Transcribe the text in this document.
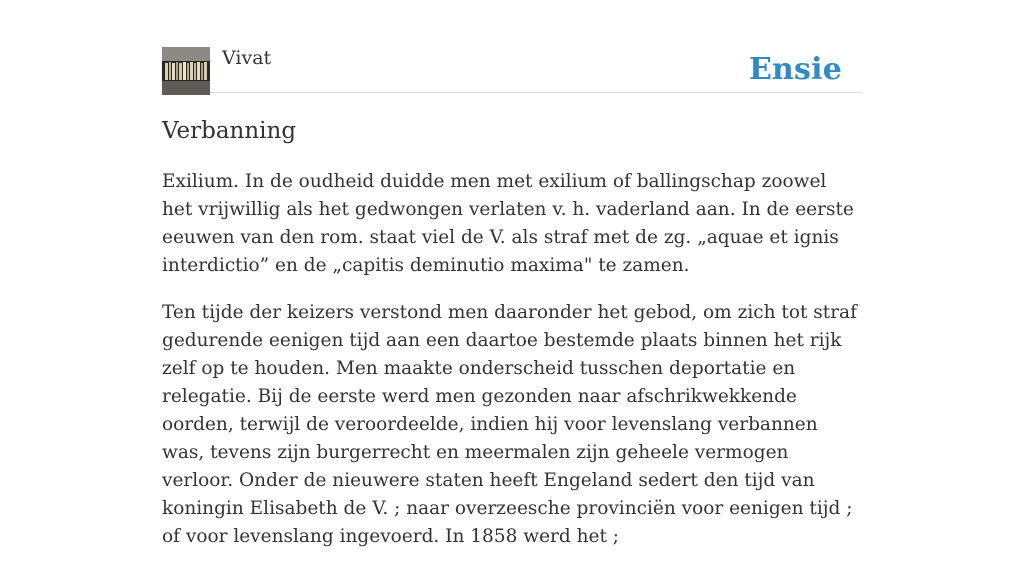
Vivat	Ensie
Verbanning

Exilium. In de oudheid duidde men met exilium of ballingschap zoowel het vrijwillig als het gedwongen verlaten v. h. vaderland aan. In de eerste eeuwen van den rom. staat viel de V. als straf met de zg. „aquae et ignis interdictio” en de „capitis deminutio maxima" te zamen.

Ten tijde der keizers verstond men daaronder het gebod, om zich tot straf gedurende eenigen tijd aan een daartoe bestemde plaats binnen het rijk zelf op te houden. Men maakte onderscheid tusschen deportatie en relegatie. Bij de eerste werd men gezonden naar afschrikwekkende oorden, terwijl de veroordeelde, indien hij voor levenslang verbannen was, tevens zijn burgerrecht en meermalen zijn geheele vermogen verloor. Onder de nieuwere staten heeft Engeland sedert den tijd van koningin Elisabeth de V. ; naar overzeesche provinciën voor eenigen tijd ; of voor levenslang ingevoerd. In 1858 werd het ;
